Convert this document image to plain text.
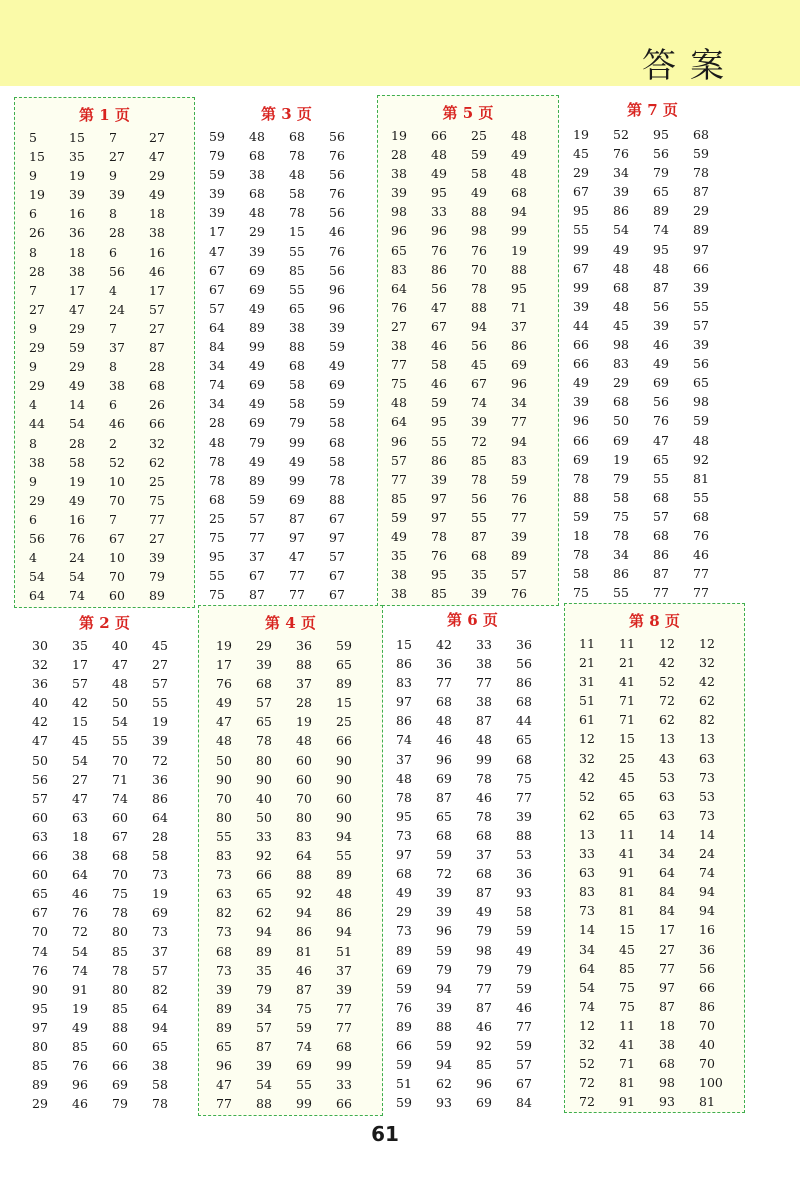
答案
第 1 页
5	15	7	27
15	35	27	47
9	19	9	29
19	39	39	49
6	16	8	18
26	36	28	38
8	18	6	16
28	38	56	46
7	17	4	17
27	47	24	57
9	29	7	27
29	59	37	87
9	29	8	28
29	49	38	68
4	14	6	26
44	54	46	66
8	28	2	32
38	58	52	62
9	19	10	25
29	49	70	75
6	16	7	77
56	76	67	27
4	24	10	39
54	54	70	79
64	74	60	89
第 3 页
59	48	68	56
79	68	78	76
59	38	48	56
39	68	58	76
39	48	78	56
17	29	15	46
47	39	55	76
67	69	85	56
67	69	55	96
57	49	65	96
64	89	38	39
84	99	88	59
34	49	68	49
74	69	58	69
34	49	58	59
28	69	79	58
48	79	99	68
78	49	49	58
78	89	99	78
68	59	69	88
25	57	87	67
75	77	97	97
95	37	47	57
55	67	77	67
75	87	77	67
第 5 页
19	66	25	48
28	48	59	49
38	49	58	48
39	95	49	68
98	33	88	94
96	96	98	99
65	76	76	19
83	86	70	88
64	56	78	95
76	47	88	71
27	67	94	37
38	46	56	86
77	58	45	69
75	46	67	96
48	59	74	34
64	95	39	77
96	55	72	94
57	86	85	83
77	39	78	59
85	97	56	76
59	97	55	77
49	78	87	39
35	76	68	89
38	95	35	57
38	85	39	76
第 7 页
19	52	95	68
45	76	56	59
29	34	79	78
67	39	65	87
95	86	89	29
55	54	74	89
99	49	95	97
67	48	48	66
99	68	87	39
39	48	56	55
44	45	39	57
66	98	46	39
66	83	49	56
49	29	69	65
39	68	56	98
96	50	76	59
66	69	47	48
69	19	65	92
78	79	55	81
88	58	68	55
59	75	57	68
18	78	68	76
78	34	86	46
58	86	87	77
75	55	77	77
第 2 页
30	35	40	45
32	17	47	27
36	57	48	57
40	42	50	55
42	15	54	19
47	45	55	39
50	54	70	72
56	27	71	36
57	47	74	86
60	63	60	64
63	18	67	28
66	38	68	58
60	64	70	73
65	46	75	19
67	76	78	69
70	72	80	73
74	54	85	37
76	74	78	57
90	91	80	82
95	19	85	64
97	49	88	94
80	85	60	65
85	76	66	38
89	96	69	58
29	46	79	78
第 4 页
19	29	36	59
17	39	88	65
76	68	37	89
49	57	28	15
47	65	19	25
48	78	48	66
50	80	60	90
90	90	60	90
70	40	70	60
80	50	80	90
55	33	83	94
83	92	64	55
73	66	88	89
63	65	92	48
82	62	94	86
73	94	86	94
68	89	81	51
73	35	46	37
39	79	87	39
89	34	75	77
89	57	59	77
65	87	74	68
96	39	69	99
47	54	55	33
77	88	99	66
第 6 页
15	42	33	36
86	36	38	56
83	77	77	86
97	68	38	68
86	48	87	44
74	46	48	65
37	96	99	68
48	69	78	75
78	87	46	77
95	65	78	39
73	68	68	88
97	59	37	53
68	72	68	36
49	39	87	93
29	39	49	58
73	96	79	59
89	59	98	49
69	79	79	79
59	94	77	59
76	39	87	46
89	88	46	77
66	59	92	59
59	94	85	57
51	62	96	67
59	93	69	84
第 8 页
11	11	12	12
21	21	42	32
31	41	52	42
51	71	72	62
61	71	62	82
12	15	13	13
32	25	43	63
42	45	53	73
52	65	63	53
62	65	63	73
13	11	14	14
33	41	34	24
63	91	64	74
83	81	84	94
73	81	84	94
14	15	17	16
34	45	27	36
64	85	77	56
54	75	97	66
74	75	87	86
12	11	18	70
32	41	38	40
52	71	68	70
72	81	98	100
72	91	93	81
61
